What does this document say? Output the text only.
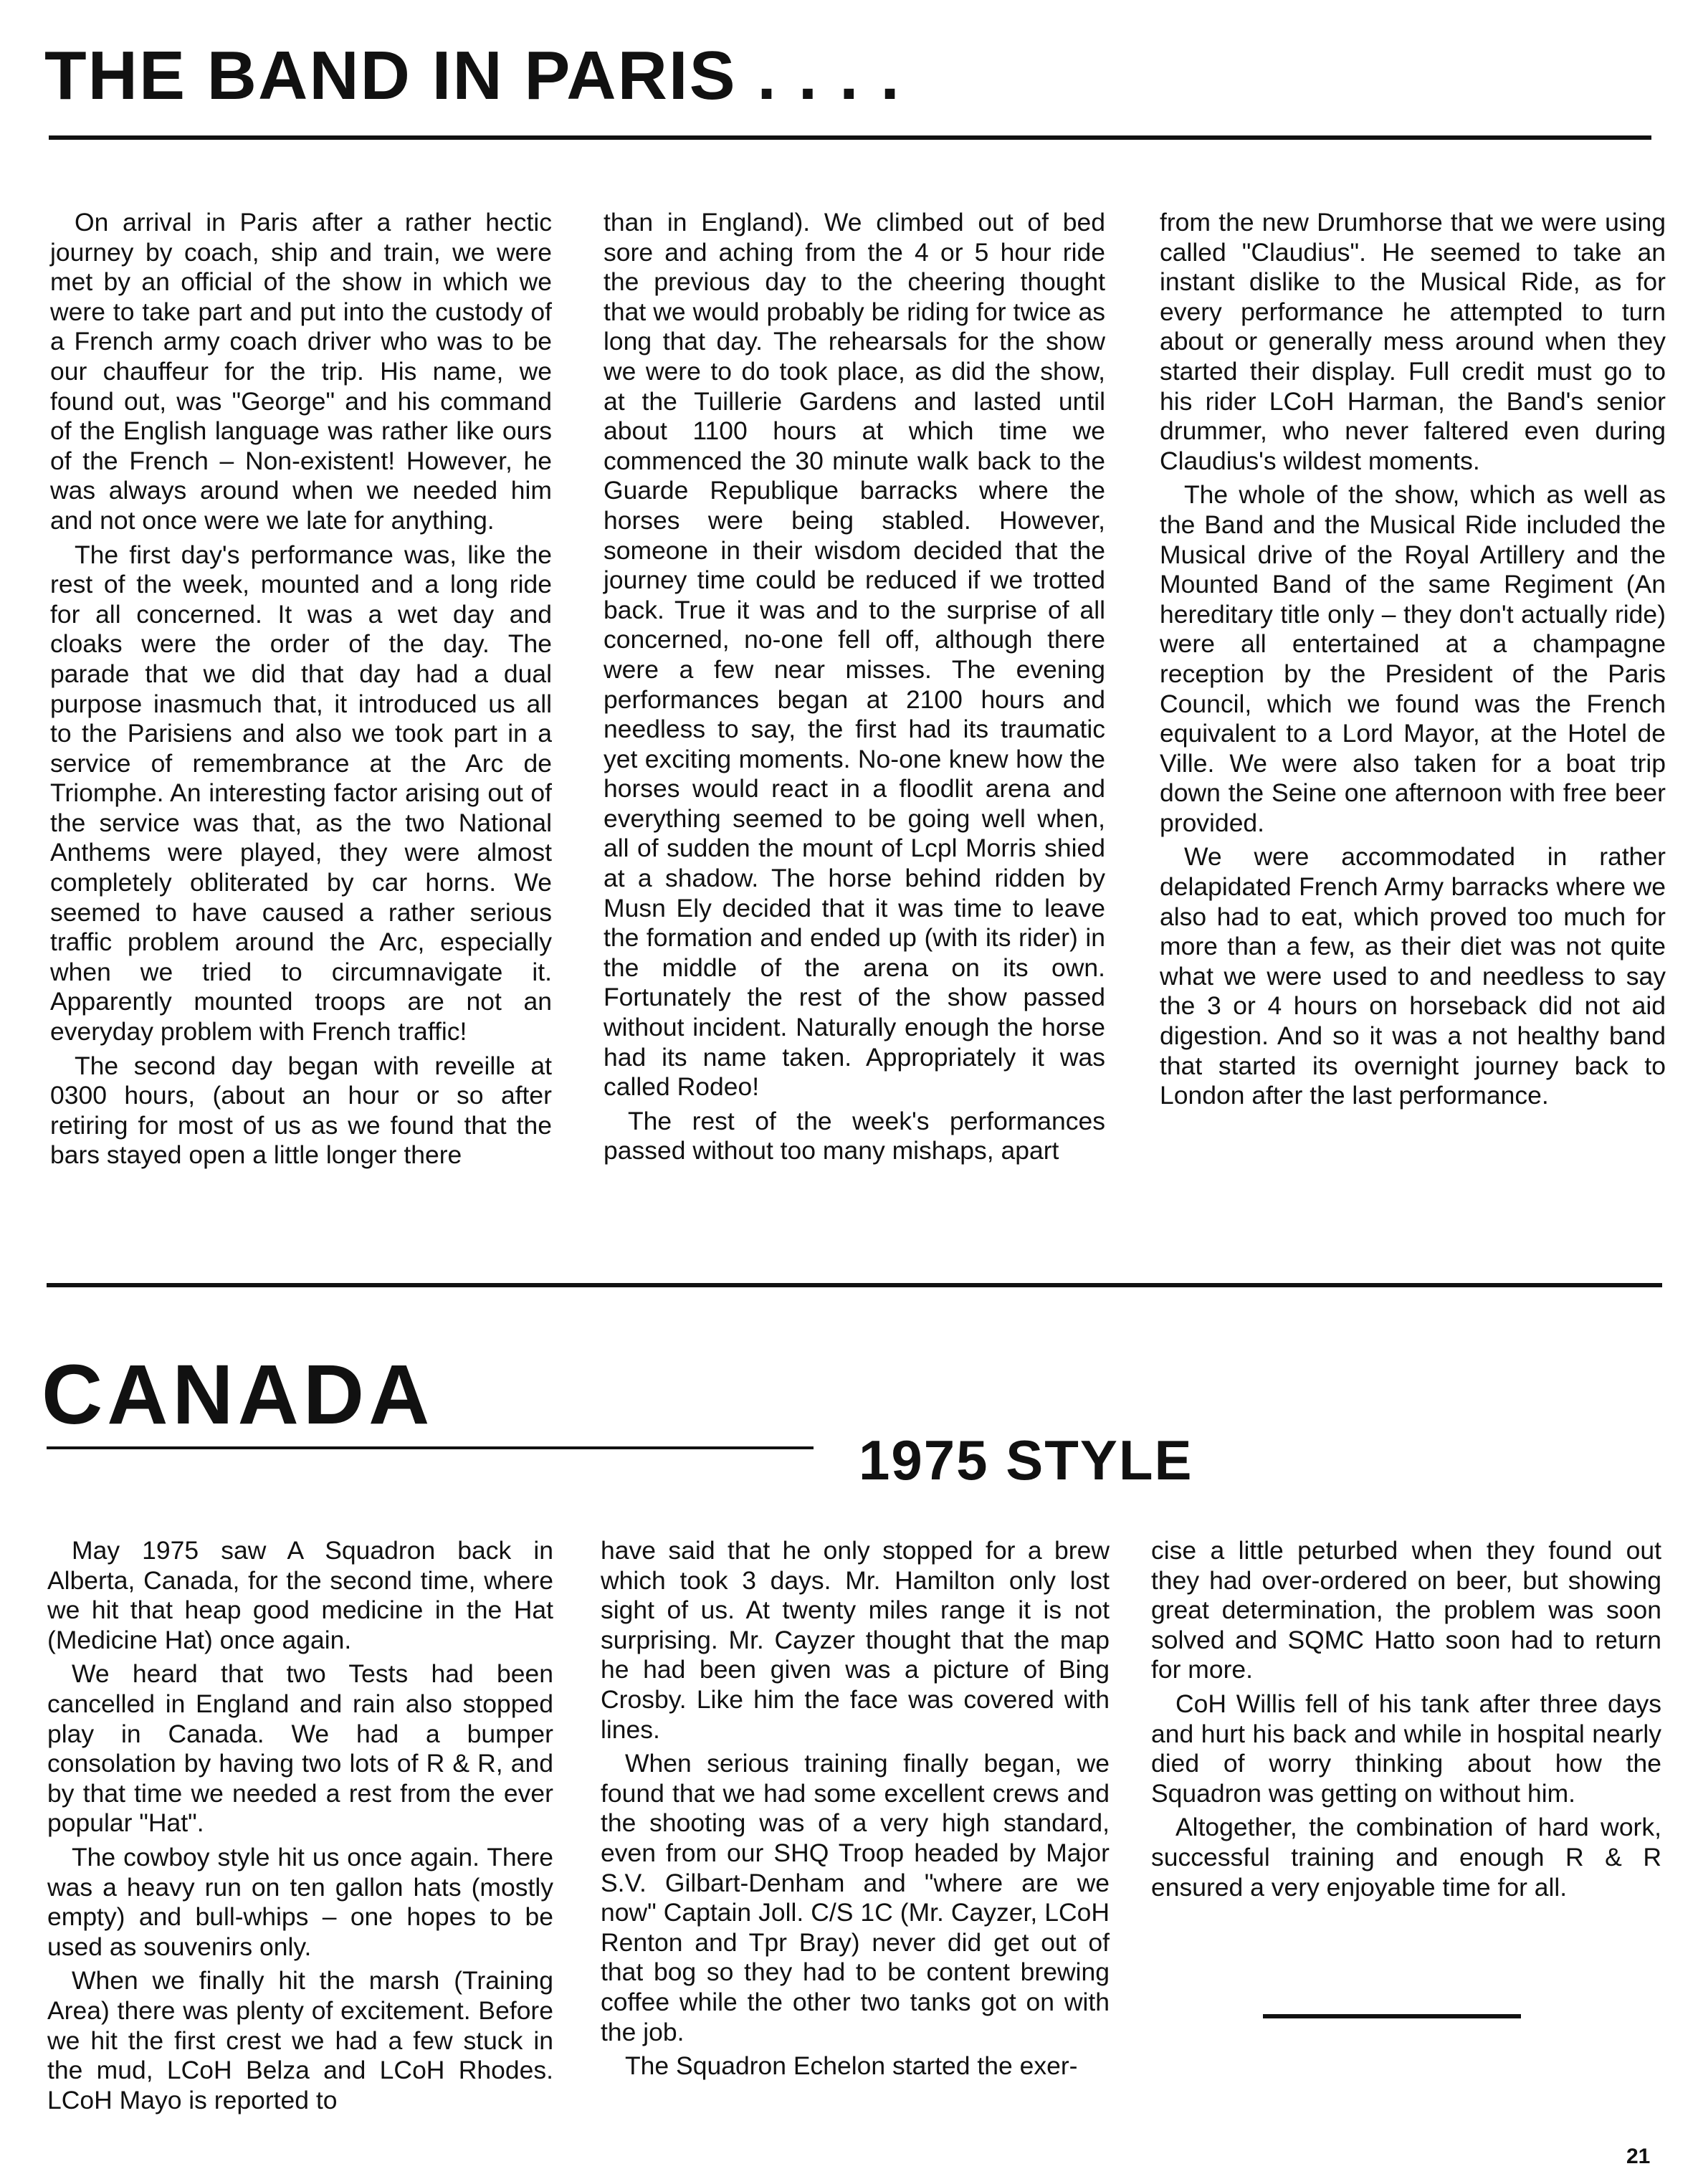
THE BAND IN PARIS . . . .

On arrival in Paris after a rather hectic journey by coach, ship and train, we were met by an official of the show in which we were to take part and put into the custody of a French army coach driver who was to be our chauffeur for the trip. His name, we found out, was "George" and his command of the English language was rather like ours of the French – Non-existent! However, he was always around when we needed him and not once were we late for anything.

The first day's performance was, like the rest of the week, mounted and a long ride for all concerned. It was a wet day and cloaks were the order of the day. The parade that we did that day had a dual purpose inasmuch that, it introduced us all to the Parisiens and also we took part in a service of remembrance at the Arc de Triomphe. An interesting factor arising out of the service was that, as the two National Anthems were played, they were almost completely obliterated by car horns. We seemed to have caused a rather serious traffic problem around the Arc, especially when we tried to circumnavigate it. Apparently mounted troops are not an everyday problem with French traffic!

The second day began with reveille at 0300 hours, (about an hour or so after retiring for most of us as we found that the bars stayed open a little longer there

than in England). We climbed out of bed sore and aching from the 4 or 5 hour ride the previous day to the cheering thought that we would probably be riding for twice as long that day. The rehearsals for the show we were to do took place, as did the show, at the Tuillerie Gardens and lasted until about 1100 hours at which time we commenced the 30 minute walk back to the Guarde Republique barracks where the horses were being stabled. However, someone in their wisdom decided that the journey time could be reduced if we trotted back. True it was and to the surprise of all concerned, no-one fell off, although there were a few near misses. The evening performances began at 2100 hours and needless to say, the first had its traumatic yet exciting moments. No-one knew how the horses would react in a floodlit arena and everything seemed to be going well when, all of sudden the mount of Lcpl Morris shied at a shadow. The horse behind ridden by Musn Ely decided that it was time to leave the formation and ended up (with its rider) in the middle of the arena on its own. Fortunately the rest of the show passed without incident. Naturally enough the horse had its name taken. Appropriately it was called Rodeo!

The rest of the week's performances passed without too many mishaps, apart

from the new Drumhorse that we were using called "Claudius". He seemed to take an instant dislike to the Musical Ride, as for every performance he attempted to turn about or generally mess around when they started their display. Full credit must go to his rider LCoH Harman, the Band's senior drummer, who never faltered even during Claudius's wildest moments.

The whole of the show, which as well as the Band and the Musical Ride included the Musical drive of the Royal Artillery and the Mounted Band of the same Regiment (An hereditary title only – they don't actually ride) were all entertained at a champagne reception by the President of the Paris Council, which we found was the French equivalent to a Lord Mayor, at the Hotel de Ville. We were also taken for a boat trip down the Seine one afternoon with free beer provided.

We were accommodated in rather delapidated French Army barracks where we also had to eat, which proved too much for more than a few, as their diet was not quite what we were used to and needless to say the 3 or 4 hours on horseback did not aid digestion. And so it was a not healthy band that started its overnight journey back to London after the last performance.

CANADA
1975 STYLE

May 1975 saw A Squadron back in Alberta, Canada, for the second time, where we hit that heap good medicine in the Hat (Medicine Hat) once again.

We heard that two Tests had been cancelled in England and rain also stopped play in Canada. We had a bumper consolation by having two lots of R & R, and by that time we needed a rest from the ever popular "Hat".

The cowboy style hit us once again. There was a heavy run on ten gallon hats (mostly empty) and bull-whips – one hopes to be used as souvenirs only.

When we finally hit the marsh (Training Area) there was plenty of excitement. Before we hit the first crest we had a few stuck in the mud, LCoH Belza and LCoH Rhodes. LCoH Mayo is reported to

have said that he only stopped for a brew which took 3 days. Mr. Hamilton only lost sight of us. At twenty miles range it is not surprising. Mr. Cayzer thought that the map he had been given was a picture of Bing Crosby. Like him the face was covered with lines.

When serious training finally began, we found that we had some excellent crews and the shooting was of a very high standard, even from our SHQ Troop headed by Major S.V. Gilbart-Denham and "where are we now" Captain Joll. C/S 1C (Mr. Cayzer, LCoH Renton and Tpr Bray) never did get out of that bog so they had to be content brewing coffee while the other two tanks got on with the job.

The Squadron Echelon started the exer-

cise a little peturbed when they found out they had over-ordered on beer, but showing great determination, the problem was soon solved and SQMC Hatto soon had to return for more.

CoH Willis fell of his tank after three days and hurt his back and while in hospital nearly died of worry thinking about how the Squadron was getting on without him.

Altogether, the combination of hard work, successful training and enough R & R ensured a very enjoyable time for all.

21
